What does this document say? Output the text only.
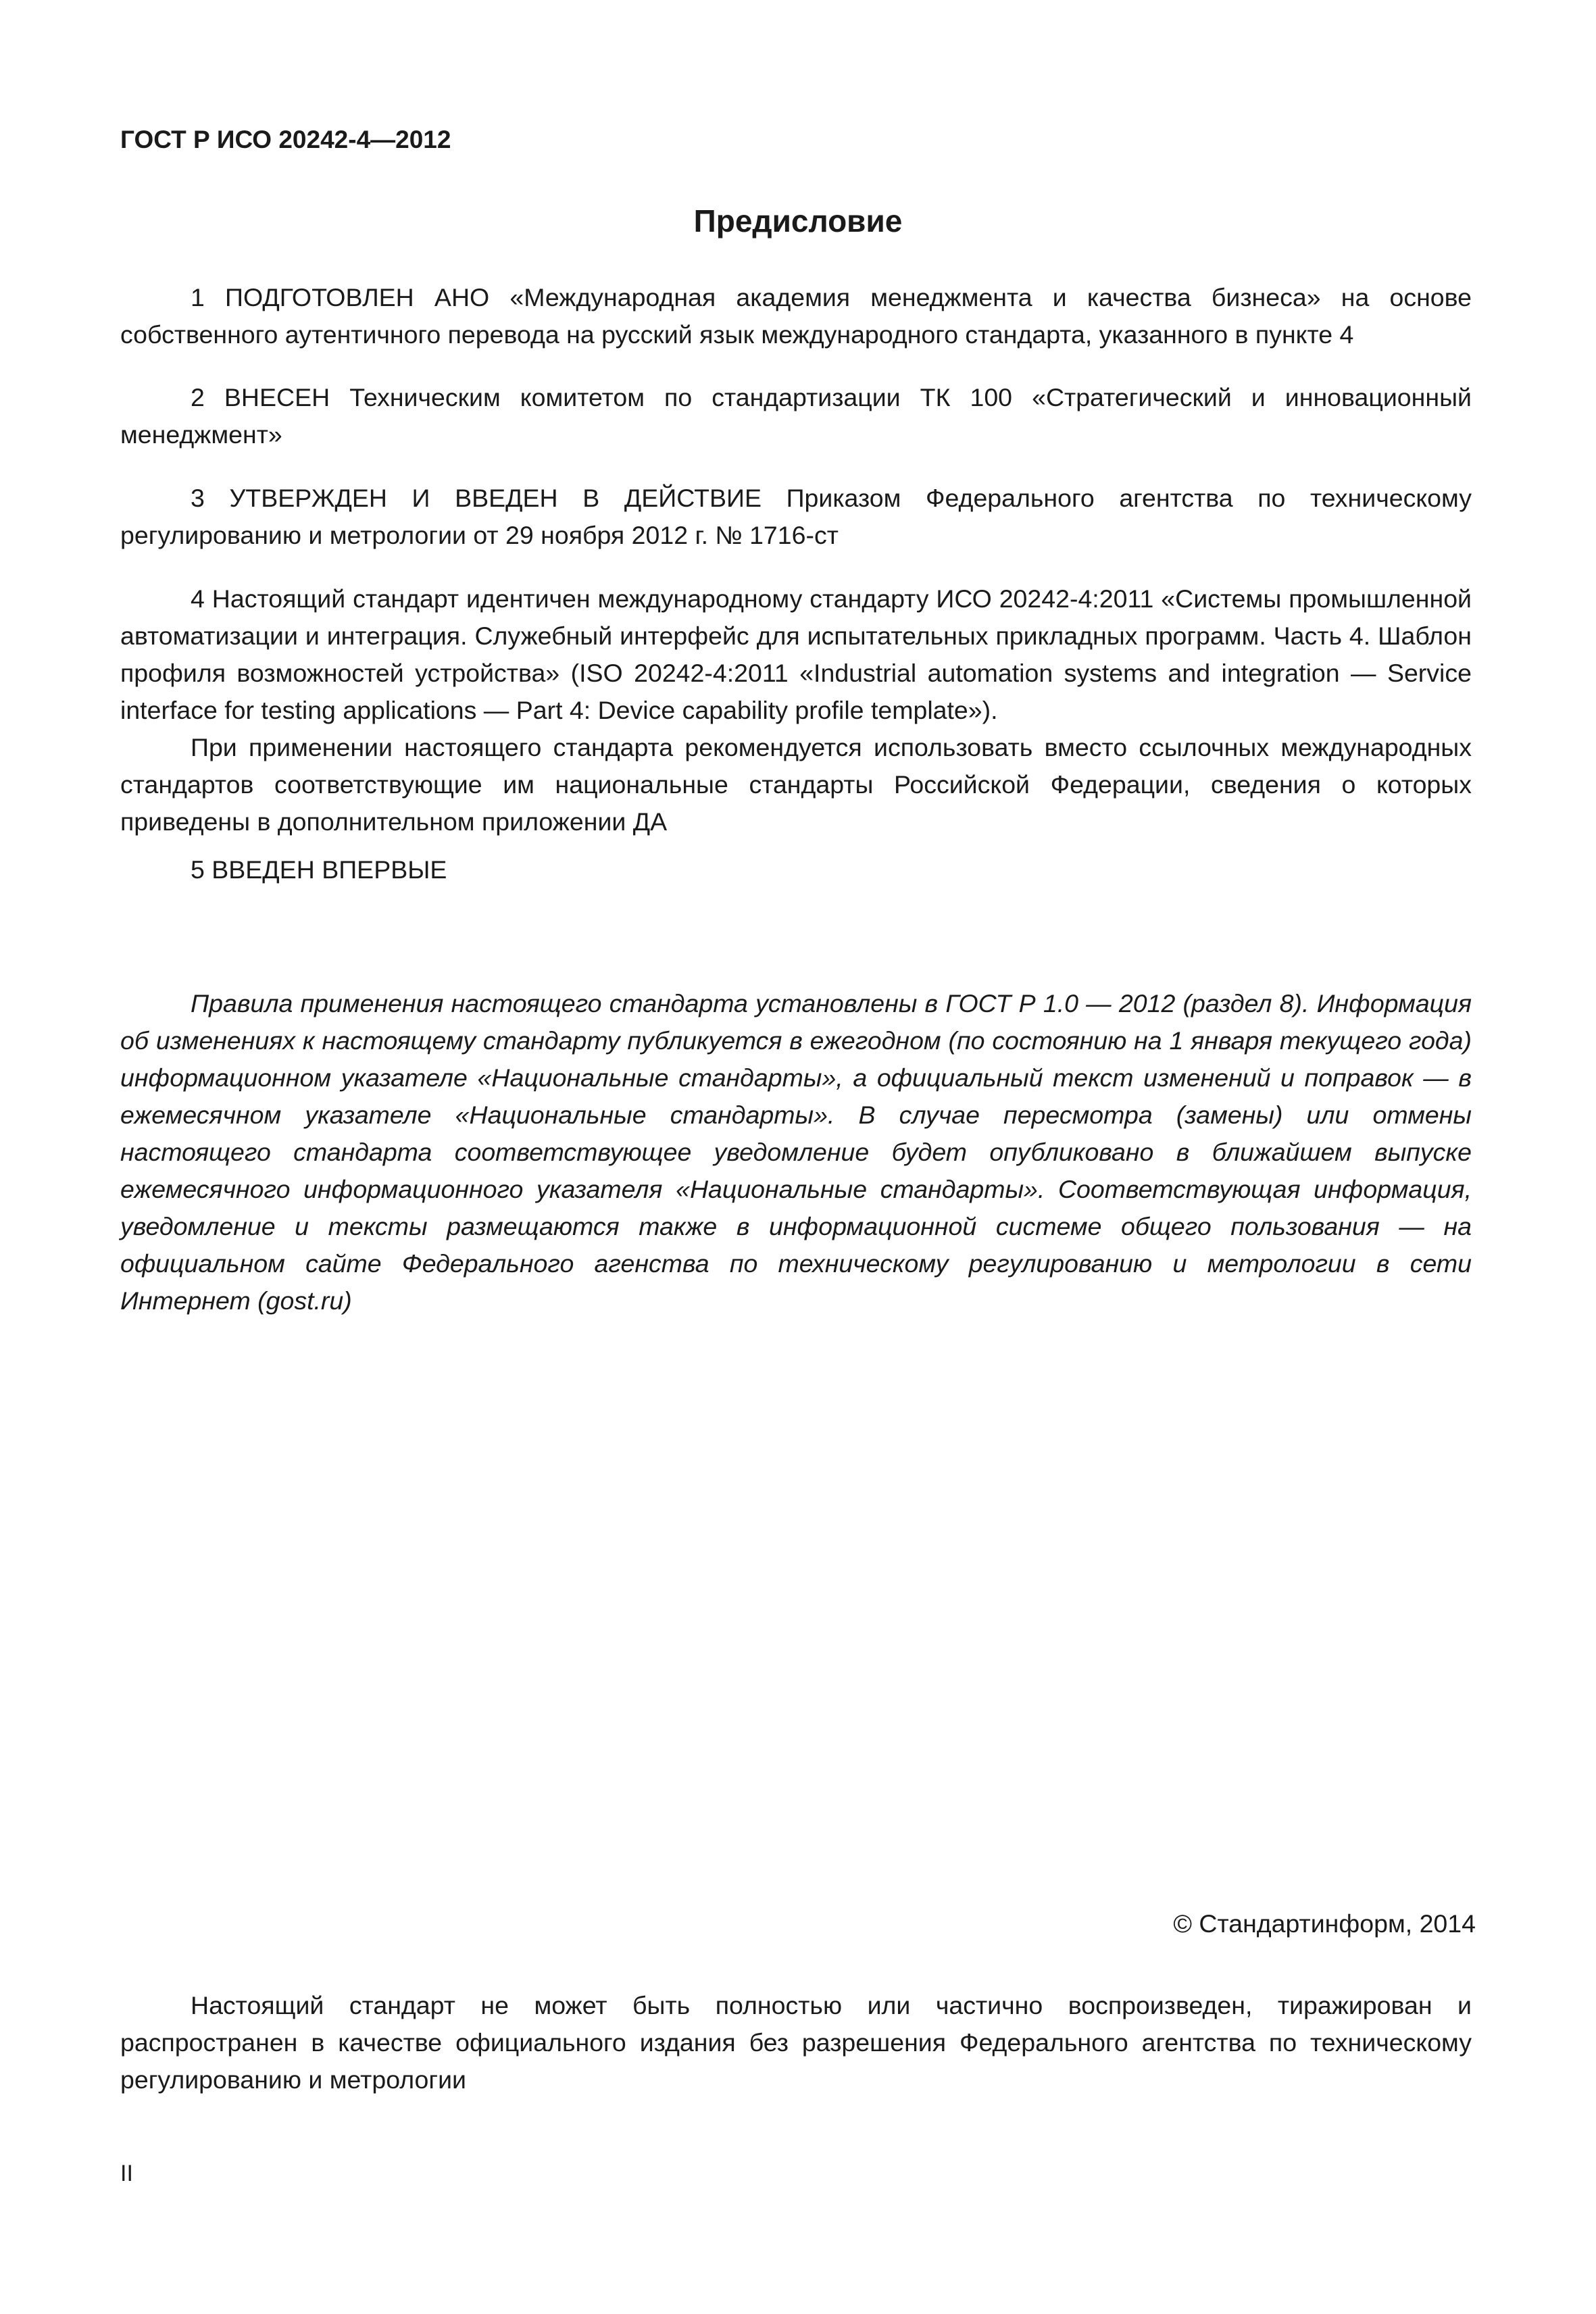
ГОСТ Р ИСО 20242-4—2012
Предисловие

1 ПОДГОТОВЛЕН АНО «Международная академия менеджмента и качества бизнеса» на основе собственного аутентичного перевода на русский язык международного стандарта, указанного в пункте 4

2 ВНЕСЕН Техническим комитетом по стандартизации ТК 100 «Стратегический и инновационный менеджмент»

3 УТВЕРЖДЕН И ВВЕДЕН В ДЕЙСТВИЕ Приказом Федерального агентства по техническому регулированию и метрологии от 29 ноября 2012 г. № 1716-ст

4 Настоящий стандарт идентичен международному стандарту ИСО 20242-4:2011 «Системы промышленной автоматизации и интеграция. Служебный интерфейс для испытательных прикладных программ. Часть 4. Шаблон профиля возможностей устройства» (ISO 20242-4:2011 «Industrial automation systems and integration — Service interface for testing applications — Part 4: Device capability profile template»).

При применении настоящего стандарта рекомендуется использовать вместо ссылочных международных стандартов соответствующие им национальные стандарты Российской Федерации, сведения о которых приведены в дополнительном приложении ДА

5 ВВЕДЕН ВПЕРВЫЕ

Правила применения настоящего стандарта установлены в ГОСТ Р 1.0 — 2012 (раздел 8). Информация об изменениях к настоящему стандарту публикуется в ежегодном (по состоянию на 1 января текущего года) информационном указателе «Национальные стандарты», а официальный текст изменений и поправок — в ежемесячном указателе «Национальные стандарты». В случае пересмотра (замены) или отмены настоящего стандарта соответствующее уведомление будет опубликовано в ближайшем выпуске ежемесячного информационного указателя «Национальные стандарты». Соответствующая информация, уведомление и тексты размещаются также в информационной системе общего пользования — на официальном сайте Федерального агенства по техническому регулированию и метрологии в сети Интернет (gost.ru)

© Стандартинформ, 2014

Настоящий стандарт не может быть полностью или частично воспроизведен, тиражирован и распространен в качестве официального издания без разрешения Федерального агентства по техническому регулированию и метрологии

II
